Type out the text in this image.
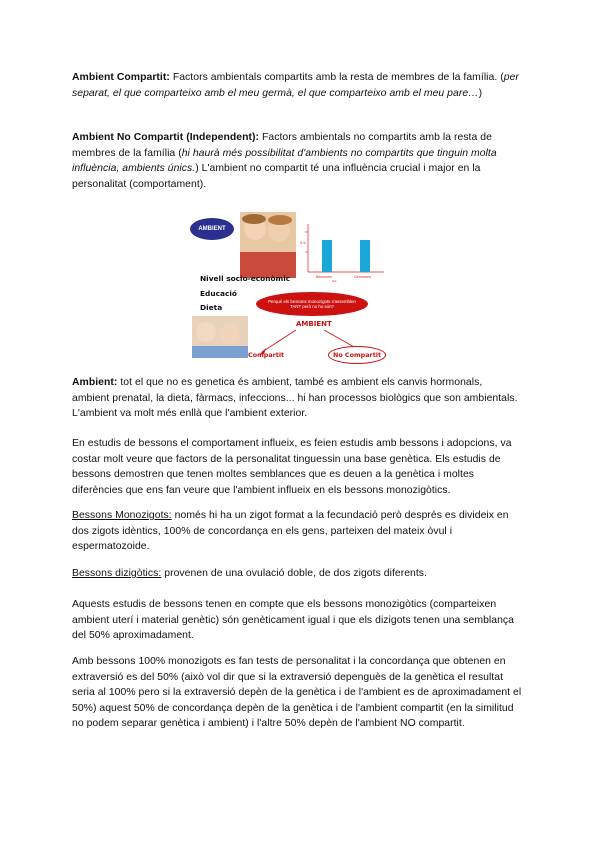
Ambient Compartit: Factors ambientals compartits amb la resta de membres de la família. (per separat, el que comparteixo amb el meu germà, el que comparteixo amb el meu pare…)
Ambient No Compartit (Independent): Factors ambientals no compartits amb la resta de membres de la família (hi haurà més possibilitat d'ambients no compartits que tinguin molta influència, ambients únics.) L'ambient no compartit té una influència crucial i major en la personalitat (comportament).
AMBIENT
0.5
Bessones	Germanes
Sol
Nivell socio-econòmic
Educació
Dieta
Perquè els bessons monozigots s'assemblen TANT però no ho són?
AMBIENT
Compartit	No Compartit
Ambient: tot el que no es genetica és ambient, també es ambient els canvis hormonals, ambient prenatal, la dieta, fàrmacs, infeccions... hi han processos biològics que son ambientals. L'ambient va molt més enllà que l'ambient exterior.
En estudis de bessons el comportament influeix, es feien estudis amb bessons i adopcions, va costar molt veure que factors de la personalitat tinguessin una base genètica. Els estudis de bessons demostren que tenen moltes semblances que es deuen a la genètica i moltes diferències que ens fan veure que l'ambient influeix en els bessons monozigòtics.
Bessons Monozigots: només hi ha un zigot format a la fecundació però després es divideix en dos zigots idèntics, 100% de concordança en els gens, parteixen del mateix òvul i espermatozoide.
Bessons dizigòtics: provenen de una ovulació doble, de dos zigots diferents.
Aquests estudis de bessons tenen en compte que els bessons monozigòtics (comparteixen ambient uterí i material genètic) són genèticament igual i que els dizigots tenen una semblança del 50% aproximadament.
Amb bessons 100% monozigots es fan tests de personalitat i la concordança que obtenen en extraversió es del 50% (això vol dir que si la extraversió depenguès de la genètica el resultat seria al 100% pero si la extraversió depèn de la genètica i de l'ambient es de aproximadament el 50%) aquest 50% de concordança depèn de la genètica i de l'ambient compartit (en la similitud no podem separar genètica i ambient) i l'altre 50% depèn de l'ambient NO compartit.
